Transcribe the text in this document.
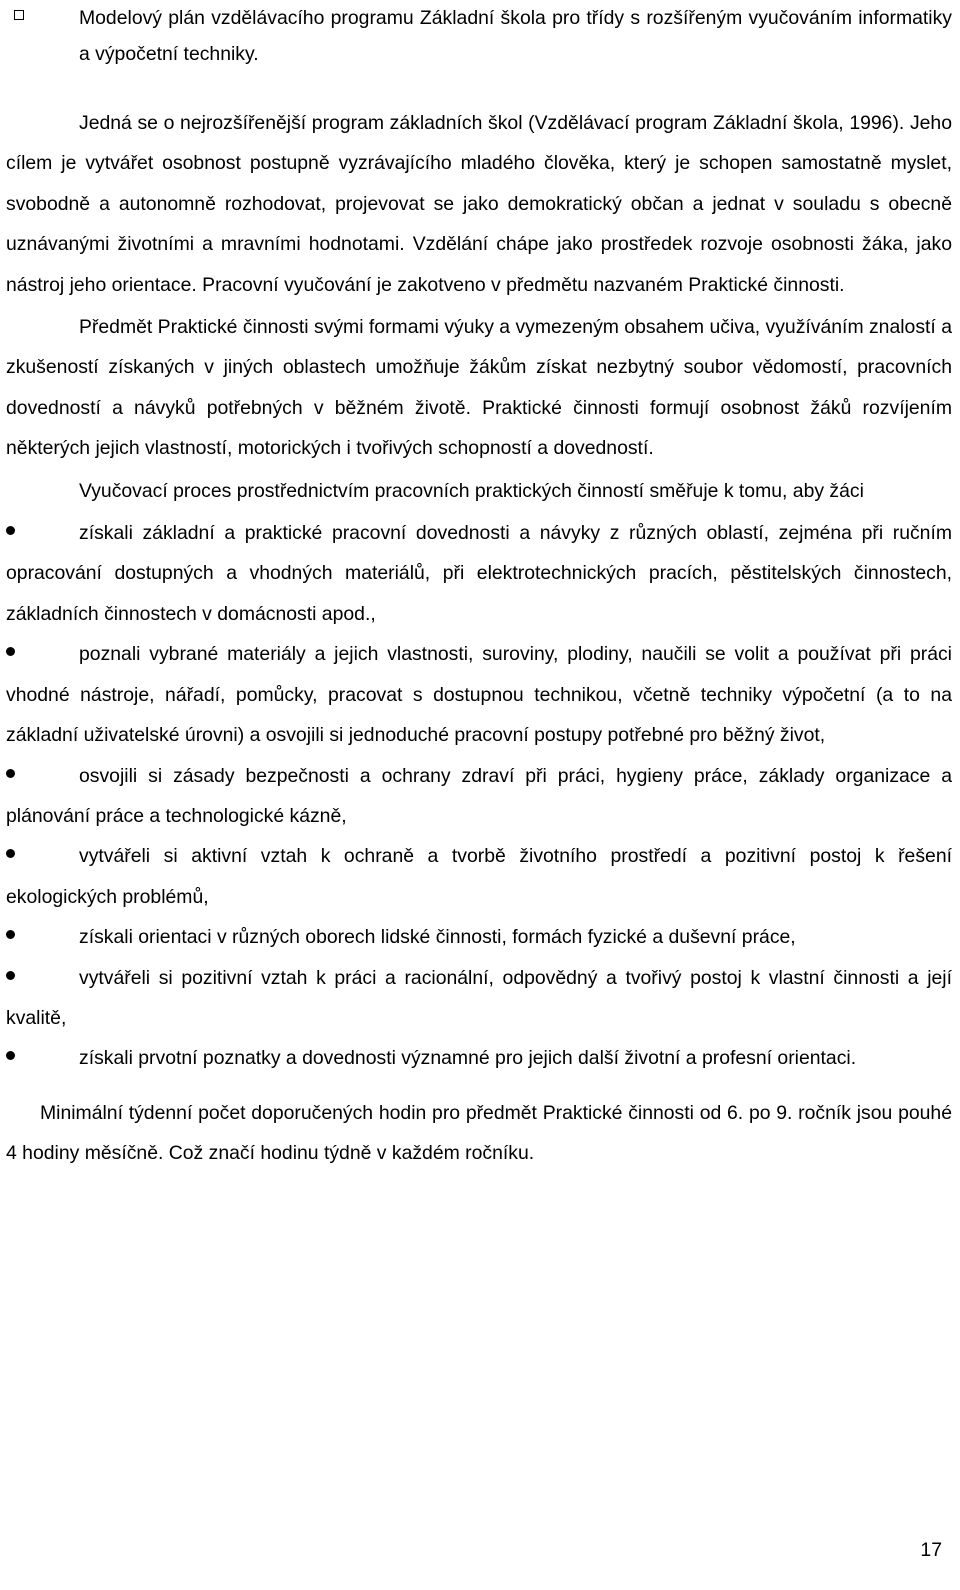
Modelový plán vzdělávacího programu Základní škola pro třídy s rozšířeným vyučováním informatiky a výpočetní techniky.

Jedná se o nejrozšířenější program základních škol (Vzdělávací program Základní škola, 1996). Jeho cílem je vytvářet osobnost postupně vyzrávajícího mladého člověka, který je schopen samostatně myslet, svobodně a autonomně rozhodovat, projevovat se jako demokratický občan a jednat v souladu s obecně uznávanými životními a mravními hodnotami. Vzdělání chápe jako prostředek rozvoje osobnosti žáka, jako nástroj jeho orientace. Pracovní vyučování je zakotveno v předmětu nazvaném Praktické činnosti.

Předmět Praktické činnosti svými formami výuky a vymezeným obsahem učiva, využíváním znalostí a zkušeností získaných v jiných oblastech umožňuje žákům získat nezbytný soubor vědomostí, pracovních dovedností a návyků potřebných v běžném životě. Praktické činnosti formují osobnost žáků rozvíjením některých jejich vlastností, motorických i tvořivých schopností a dovedností.

Vyučovací proces prostřednictvím pracovních praktických činností směřuje k tomu, aby žáci

získali základní a praktické pracovní dovednosti a návyky z různých oblastí, zejména při ručním opracování dostupných a vhodných materiálů, při elektrotechnických pracích, pěstitelských činnostech, základních činnostech v domácnosti apod.,
poznali vybrané materiály a jejich vlastnosti, suroviny, plodiny, naučili se volit a používat při práci vhodné nástroje, nářadí, pomůcky, pracovat s dostupnou technikou, včetně techniky výpočetní (a to na základní uživatelské úrovni) a osvojili si jednoduché pracovní postupy potřebné pro běžný život,
osvojili si zásady bezpečnosti a ochrany zdraví při práci, hygieny práce, základy organizace a plánování práce a technologické kázně,
vytvářeli si aktivní vztah k ochraně a tvorbě životního prostředí a pozitivní postoj k řešení ekologických problémů,
získali orientaci v různých oborech lidské činnosti, formách fyzické a duševní práce,
vytvářeli si pozitivní vztah k práci a racionální, odpovědný a tvořivý postoj k vlastní činnosti a její kvalitě,
získali prvotní poznatky a dovednosti významné pro jejich další životní a profesní orientaci.

Minimální týdenní počet doporučených hodin pro předmět Praktické činnosti od 6. po 9. ročník jsou pouhé 4 hodiny měsíčně. Což značí hodinu týdně v každém ročníku.

17
